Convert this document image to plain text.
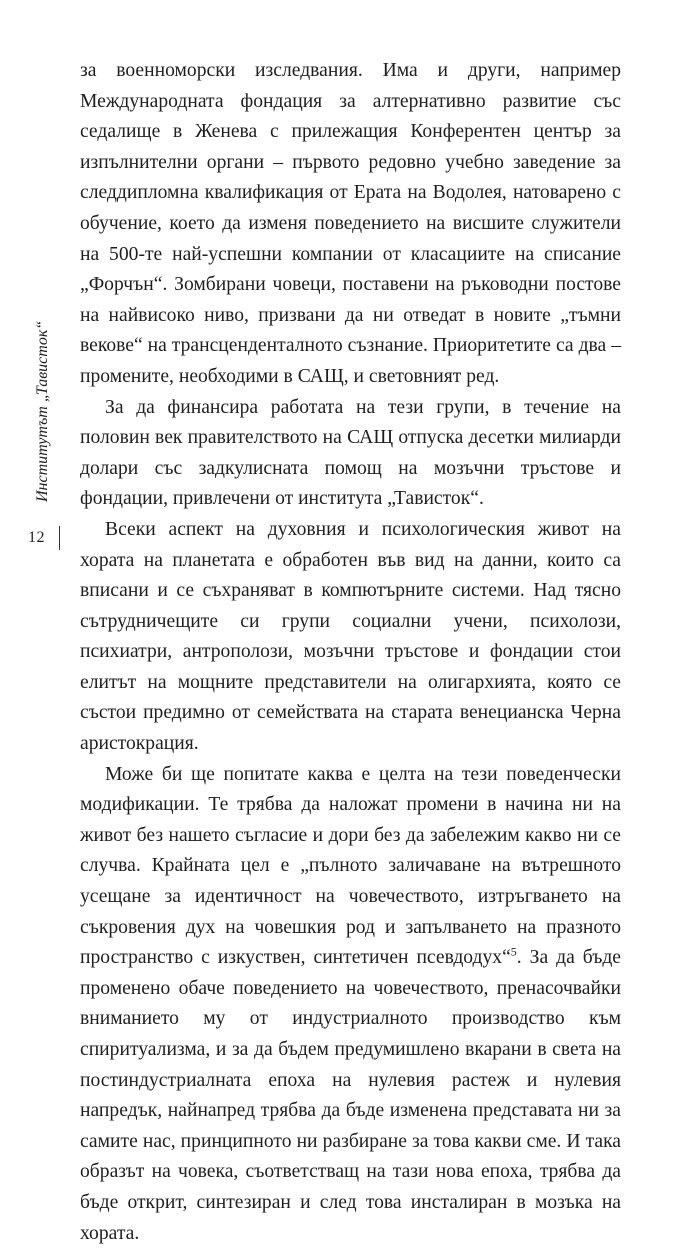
Институтът „Тависток“
12

за военноморски изследвания. Има и други, например Международната фондация за алтернативно развитие със седалище в Женева с прилежащия Конферентен център за изпълнителни органи – първото редовно учебно заведение за следдипломна квалификация от Ерата на Водолея, натоварено с обучение, което да изменя поведението на висшите служители на 500-те най-успешни компании от класациите на списание „Форчън“. Зомбирани човеци, поставени на ръководни постове на найвисоко ниво, призвани да ни отведат в новите „тъмни векове“ на трансценденталното съзнание. Приоритетите са два – промените, необходими в САЩ, и световният ред.

За да финансира работата на тези групи, в течение на половин век правителството на САЩ отпуска десетки милиарди долари със задкулисната помощ на мозъчни тръстове и фондации, привлечени от института „Тависток“.

Всеки аспект на духовния и психологическия живот на хората на планетата е обработен във вид на данни, които са вписани и се съхраняват в компютърните системи. Над тясно сътрудничещите си групи социални учени, психолози, психиатри, антрополози, мозъчни тръстове и фондации стои елитът на мощните представители на олигархията, която се състои предимно от семействата на старата венецианска Черна аристокрация.

Може би ще попитате каква е целта на тези поведенчески модификации. Те трябва да наложат промени в начина ни на живот без нашето съгласие и дори без да забележим какво ни се случва. Крайната цел е „пълното заличаване на вътрешното усещане за идентичност на човечеството, изтръгването на съкровения дух на човешкия род и запълването на празното пространство с изкуствен, синтетичен псевдодух“$^5$. За да бъде променено обаче поведението на човечеството, пренасочвайки вниманието му от индустриалното производство към спиритуализма, и за да бъдем предумишлено вкарани в света на постиндустриалната епоха на нулевия растеж и нулевия напредък, найнапред трябва да бъде изменена представата ни за самите нас, принципното ни разбиране за това какви сме. И така образът на човека, съответстващ на тази нова епоха, трябва да бъде открит, синтезиран и след това инсталиран в мозъка на хората.
